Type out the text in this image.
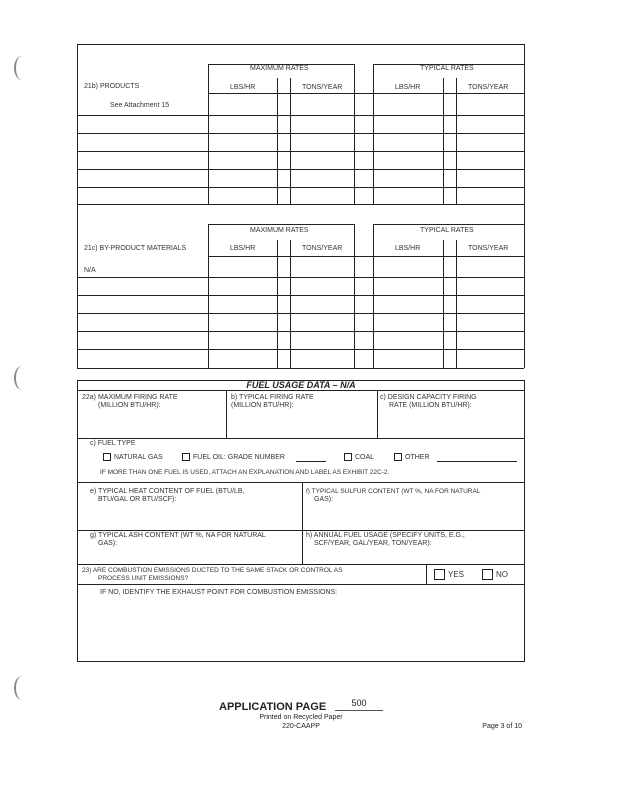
MAXIMUM RATES	TYPICAL RATES
21b) PRODUCTS	LBS/HR	TONS/YEAR	LBS/HR	TONS/YEAR
See Attachment 15
MAXIMUM RATES	TYPICAL RATES
21c) BY-PRODUCT MATERIALS	LBS/HR	TONS/YEAR	LBS/HR	TONS/YEAR
N/A
FUEL USAGE DATA – N/A
22a) MAXIMUM FIRING RATE
(MILLION BTU/HR):
b) TYPICAL FIRING RATE
(MILLION BTU/HR):
c) DESIGN CAPACITY FIRING
RATE (MILLION BTU/HR):
c) FUEL TYPE
NATURAL GAS	FUEL OIL: GRADE NUMBER	COAL	OTHER
IF MORE THAN ONE FUEL IS USED, ATTACH AN EXPLANATION AND LABEL AS EXHIBIT 22C-2.
e) TYPICAL HEAT CONTENT OF FUEL (BTU/LB,
BTU/GAL OR BTU/SCF):
f) TYPICAL SULFUR CONTENT (WT %, NA FOR NATURAL
GAS):
g) TYPICAL ASH CONTENT (WT %, NA FOR NATURAL
GAS):
h) ANNUAL FUEL USAGE (SPECIFY UNITS, E.G.,
SCF/YEAR, GAL/YEAR, TON/YEAR):
23) ARE COMBUSTION EMISSIONS DUCTED TO THE SAME STACK OR CONTROL AS
PROCESS UNIT EMISSIONS?	YES	NO
IF NO, IDENTIFY THE EXHAUST POINT FOR COMBUSTION EMISSIONS:
APPLICATION PAGE	500
Printed on Recycled Paper
220-CAAPP	Page 3 of 10
